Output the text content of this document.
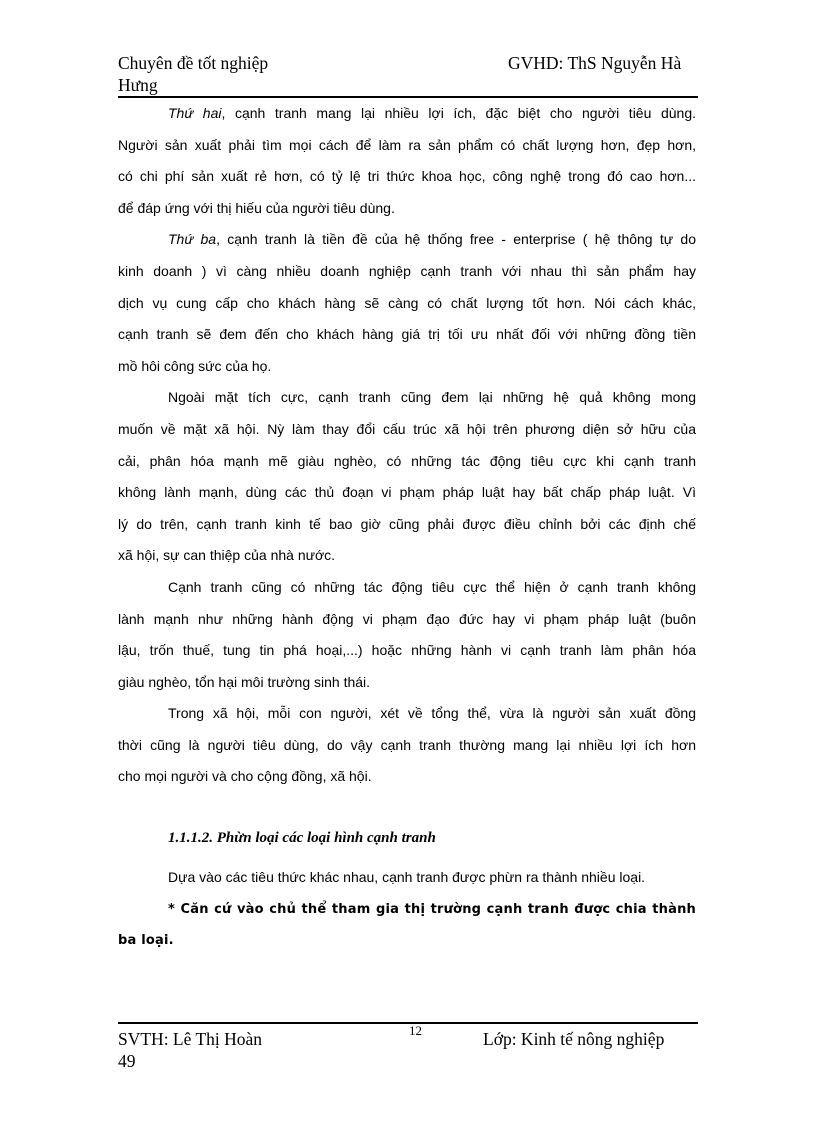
Chuyên đề tốt nghiệp
Hưng
GVHD: ThS Nguyễn Hà

Thứ hai, cạnh tranh mang lại nhiều lợi ích, đặc biệt cho người tiêu dùng.
Người sản xuất phải tìm mọi cách để làm ra sản phẩm có chất lượng hơn, đẹp hơn,
có chi phí sản xuất rẻ hơn, có tỷ lệ tri thức khoa học, công nghệ trong đó cao hơn...
để đáp ứng với thị hiếu của người tiêu dùng.

Thứ ba, cạnh tranh là tiền đề của hệ thống free - enterprise ( hệ thông tự do
kinh doanh ) vì càng nhiều doanh nghiệp cạnh tranh với nhau thì sản phẩm hay
dịch vụ cung cấp cho khách hàng sẽ càng có chất lượng tốt hơn. Nói cách khác,
cạnh tranh sẽ đem đến cho khách hàng giá trị tối ưu nhất đối với những đồng tiền
mồ hôi công sức của họ.

Ngoài mặt tích cực, cạnh tranh cũng đem lại những hệ quả không mong
muốn về mặt xã hội. Nỳ làm thay đổi cấu trúc xã hội trên phương diện sở hữu của
cải, phân hóa mạnh mẽ giàu nghèo, có những tác động tiêu cực khi cạnh tranh
không lành mạnh, dùng các thủ đoạn vi phạm pháp luật hay bất chấp pháp luật. Vì
lý do trên, cạnh tranh kinh tế bao giờ cũng phải được điều chỉnh bởi các định chế
xã hội, sự can thiệp của nhà nước.

Cạnh tranh cũng có những tác động tiêu cực thể hiện ở cạnh tranh không
lành mạnh như những hành động vi phạm đạo đức hay vi phạm pháp luật (buôn
lậu, trốn thuế, tung tin phá hoại,...) hoặc những hành vi cạnh tranh làm phân hóa
giàu nghèo, tổn hại môi trường sinh thái.

Trong xã hội, mỗi con người, xét về tổng thể, vừa là người sản xuất đồng
thời cũng là người tiêu dùng, do vậy cạnh tranh thường mang lại nhiều lợi ích hơn
cho mọi người và cho cộng đồng, xã hội.

1.1.1.2. Phừn loại các loại hình cạnh tranh
Dựa vào các tiêu thức khác nhau, cạnh tranh được phừn ra thành nhiều loại.
* Căn cứ vào chủ thể tham gia thị trường cạnh tranh được chia thành
ba loại.
12
SVTH: Lê Thị Hoàn
49
Lớp: Kinh tế nông nghiệp
